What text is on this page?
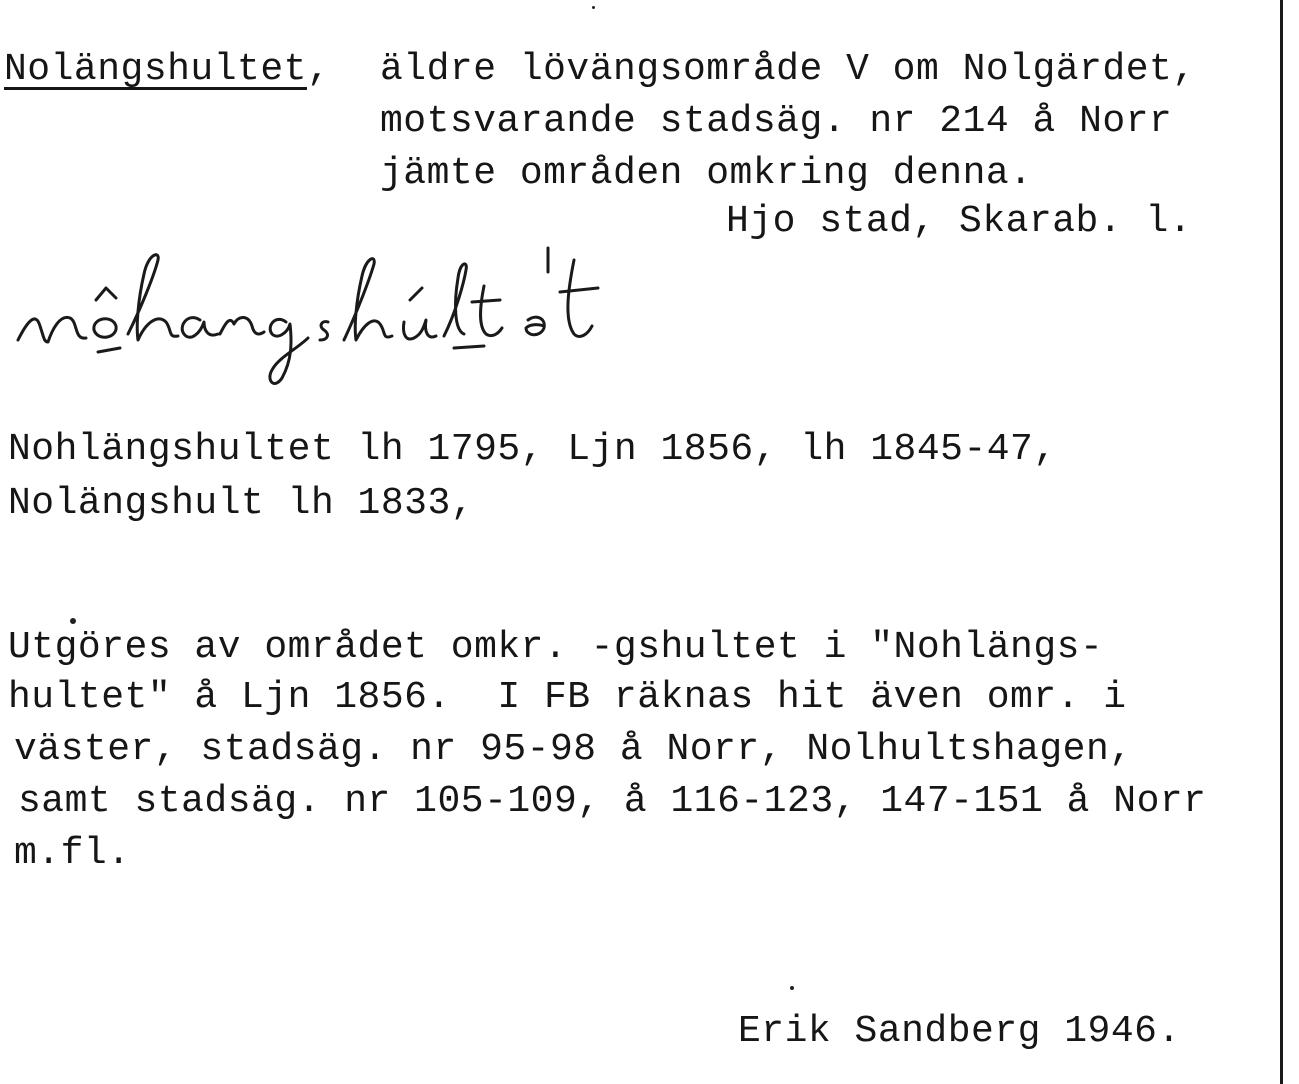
Nolängshultet, äldre lövängsområde V om Nolgärdet,
motsvarande stadsäg. nr 214 å Norr
jämte områden omkring denna.
Hjo stad, Skarab. l.
Nohlängshultet lh 1795, Ljn 1856, lh 1845-47,
Nolängshult lh 1833,
Utgöres av området omkr. -gshultet i "Nohlängs-
hultet" å Ljn 1856.  I FB räknas hit även omr. i
väster, stadsäg. nr 95-98 å Norr, Nolhultshagen,
samt stadsäg. nr 105-109, å 116-123, 147-151 å Norr
m.fl.
Erik Sandberg 1946.
